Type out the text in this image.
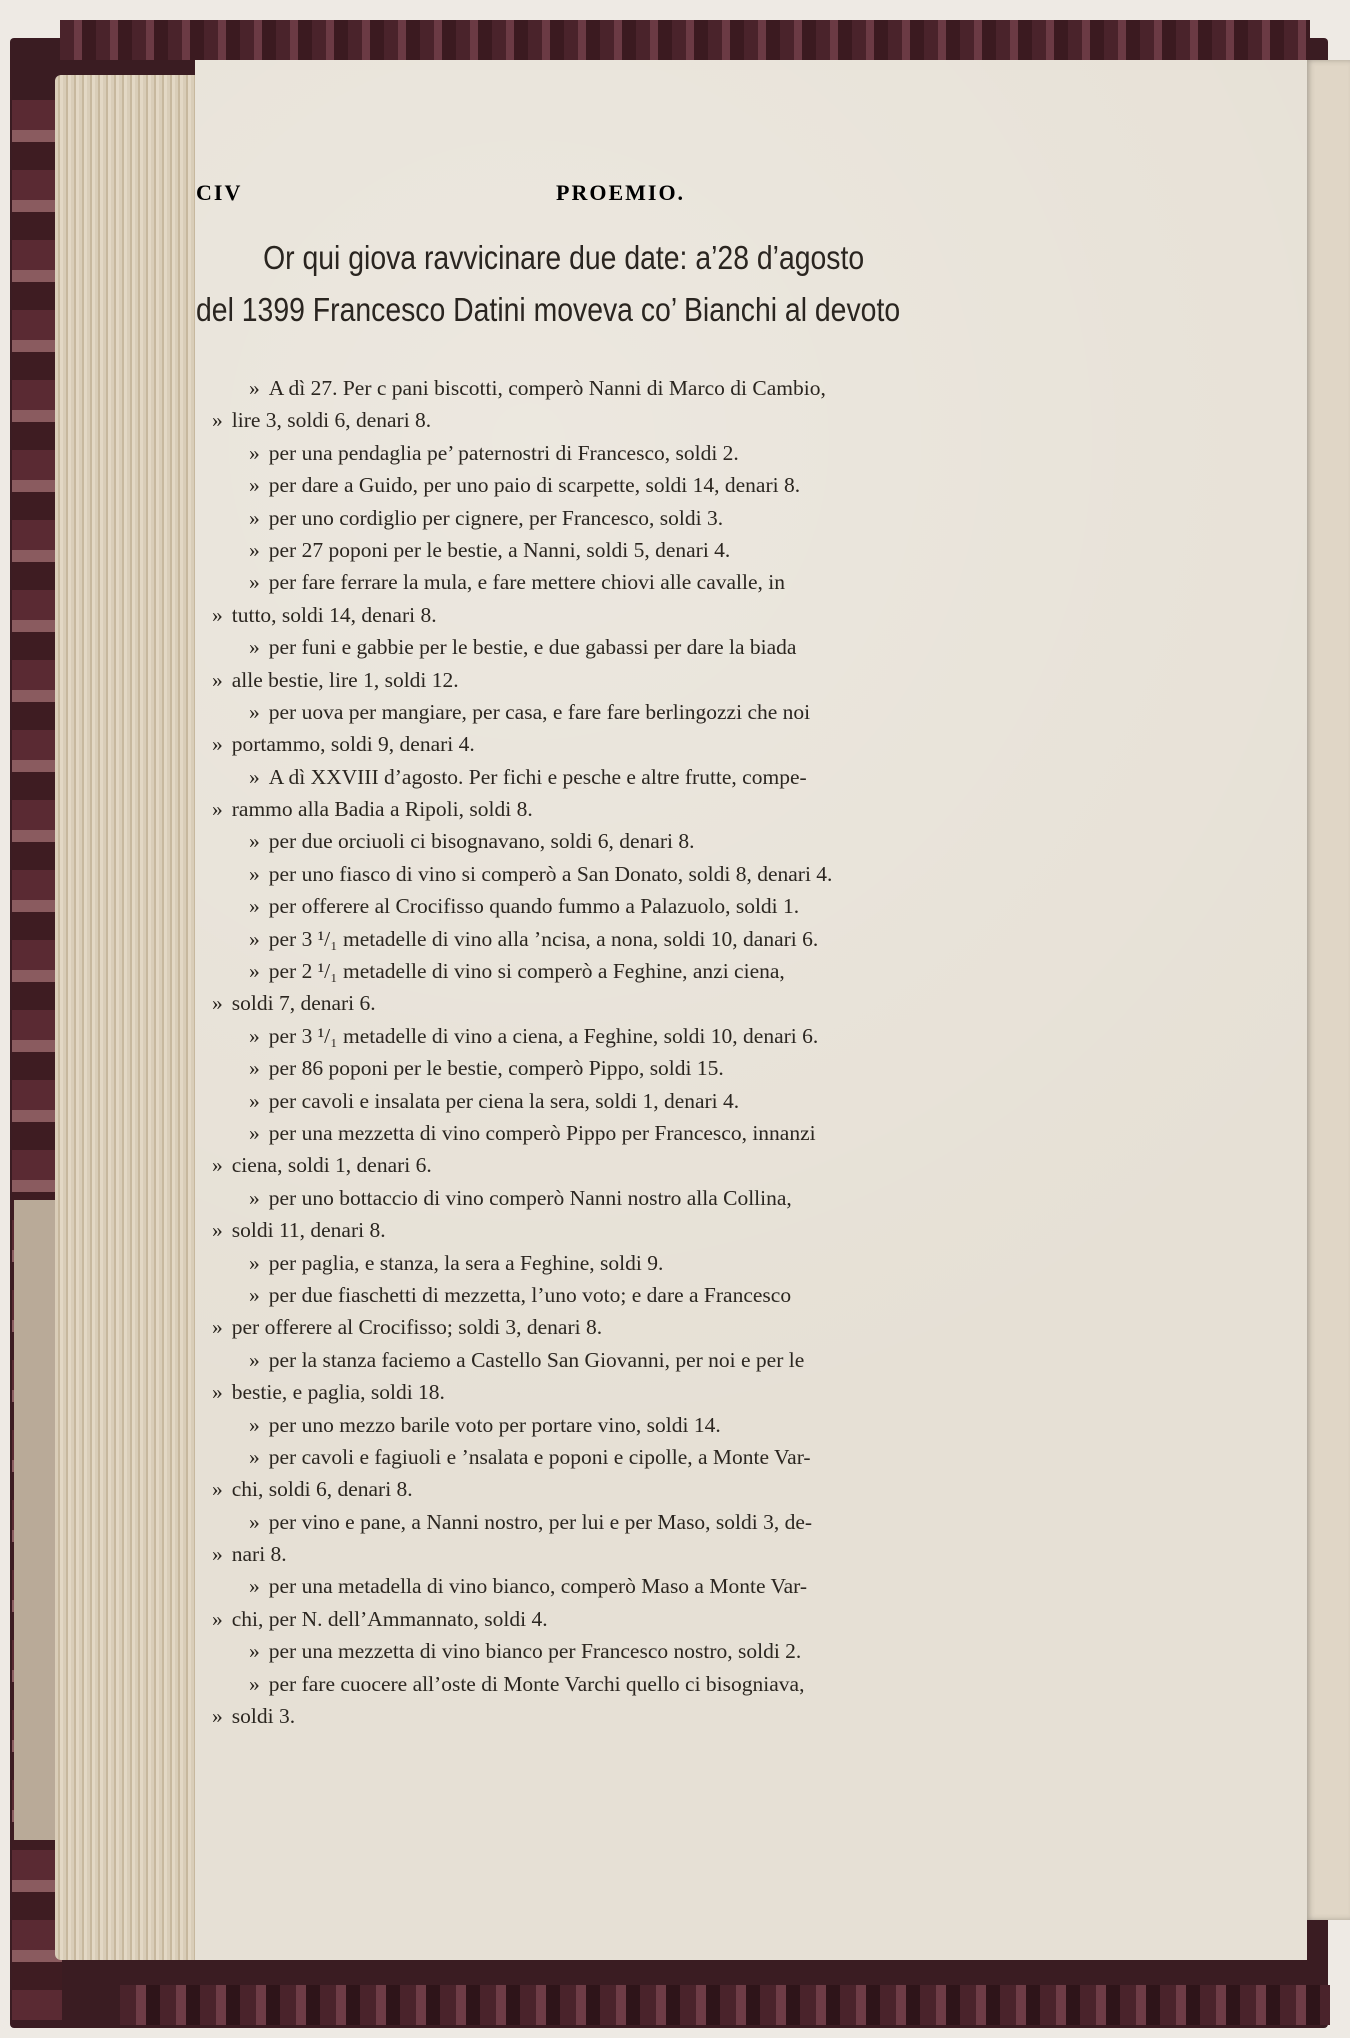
CIV	PROEMIO.
Or qui giova ravvicinare due date: a’28 d’agosto
del 1399 Francesco Datini moveva co’ Bianchi al devoto
» A dì 27. Per c pani biscotti, comperò Nanni di Marco di Cambio,
» lire 3, soldi 6, denari 8.
» per una pendaglia pe’ paternostri di Francesco, soldi 2.
» per dare a Guido, per uno paio di scarpette, soldi 14, denari 8.
» per uno cordiglio per cignere, per Francesco, soldi 3.
» per 27 poponi per le bestie, a Nanni, soldi 5, denari 4.
» per fare ferrare la mula, e fare mettere chiovi alle cavalle, in
» tutto, soldi 14, denari 8.
» per funi e gabbie per le bestie, e due gabassi per dare la biada
» alle bestie, lire 1, soldi 12.
» per uova per mangiare, per casa, e fare fare berlingozzi che noi
» portammo, soldi 9, denari 4.
» A dì XXVIII d’agosto. Per fichi e pesche e altre frutte, compe-
» rammo alla Badia a Ripoli, soldi 8.
» per due orciuoli ci bisognavano, soldi 6, denari 8.
» per uno fiasco di vino si comperò a San Donato, soldi 8, denari 4.
» per offerere al Crocifisso quando fummo a Palazuolo, soldi 1.
» per 3 ¹/₁ metadelle di vino alla ’ncisa, a nona, soldi 10, danari 6.
» per 2 ¹/₁ metadelle di vino si comperò a Feghine, anzi ciena,
» soldi 7, denari 6.
» per 3 ¹/₁ metadelle di vino a ciena, a Feghine, soldi 10, denari 6.
» per 86 poponi per le bestie, comperò Pippo, soldi 15.
» per cavoli e insalata per ciena la sera, soldi 1, denari 4.
» per una mezzetta di vino comperò Pippo per Francesco, innanzi
» ciena, soldi 1, denari 6.
» per uno bottaccio di vino comperò Nanni nostro alla Collina,
» soldi 11, denari 8.
» per paglia, e stanza, la sera a Feghine, soldi 9.
» per due fiaschetti di mezzetta, l’uno voto; e dare a Francesco
» per offerere al Crocifisso; soldi 3, denari 8.
» per la stanza faciemo a Castello San Giovanni, per noi e per le
» bestie, e paglia, soldi 18.
» per uno mezzo barile voto per portare vino, soldi 14.
» per cavoli e fagiuoli e ’nsalata e poponi e cipolle, a Monte Var-
» chi, soldi 6, denari 8.
» per vino e pane, a Nanni nostro, per lui e per Maso, soldi 3, de-
» nari 8.
» per una metadella di vino bianco, comperò Maso a Monte Var-
» chi, per N. dell’Ammannato, soldi 4.
» per una mezzetta di vino bianco per Francesco nostro, soldi 2.
» per fare cuocere all’oste di Monte Varchi quello ci bisogniava,
» soldi 3.
